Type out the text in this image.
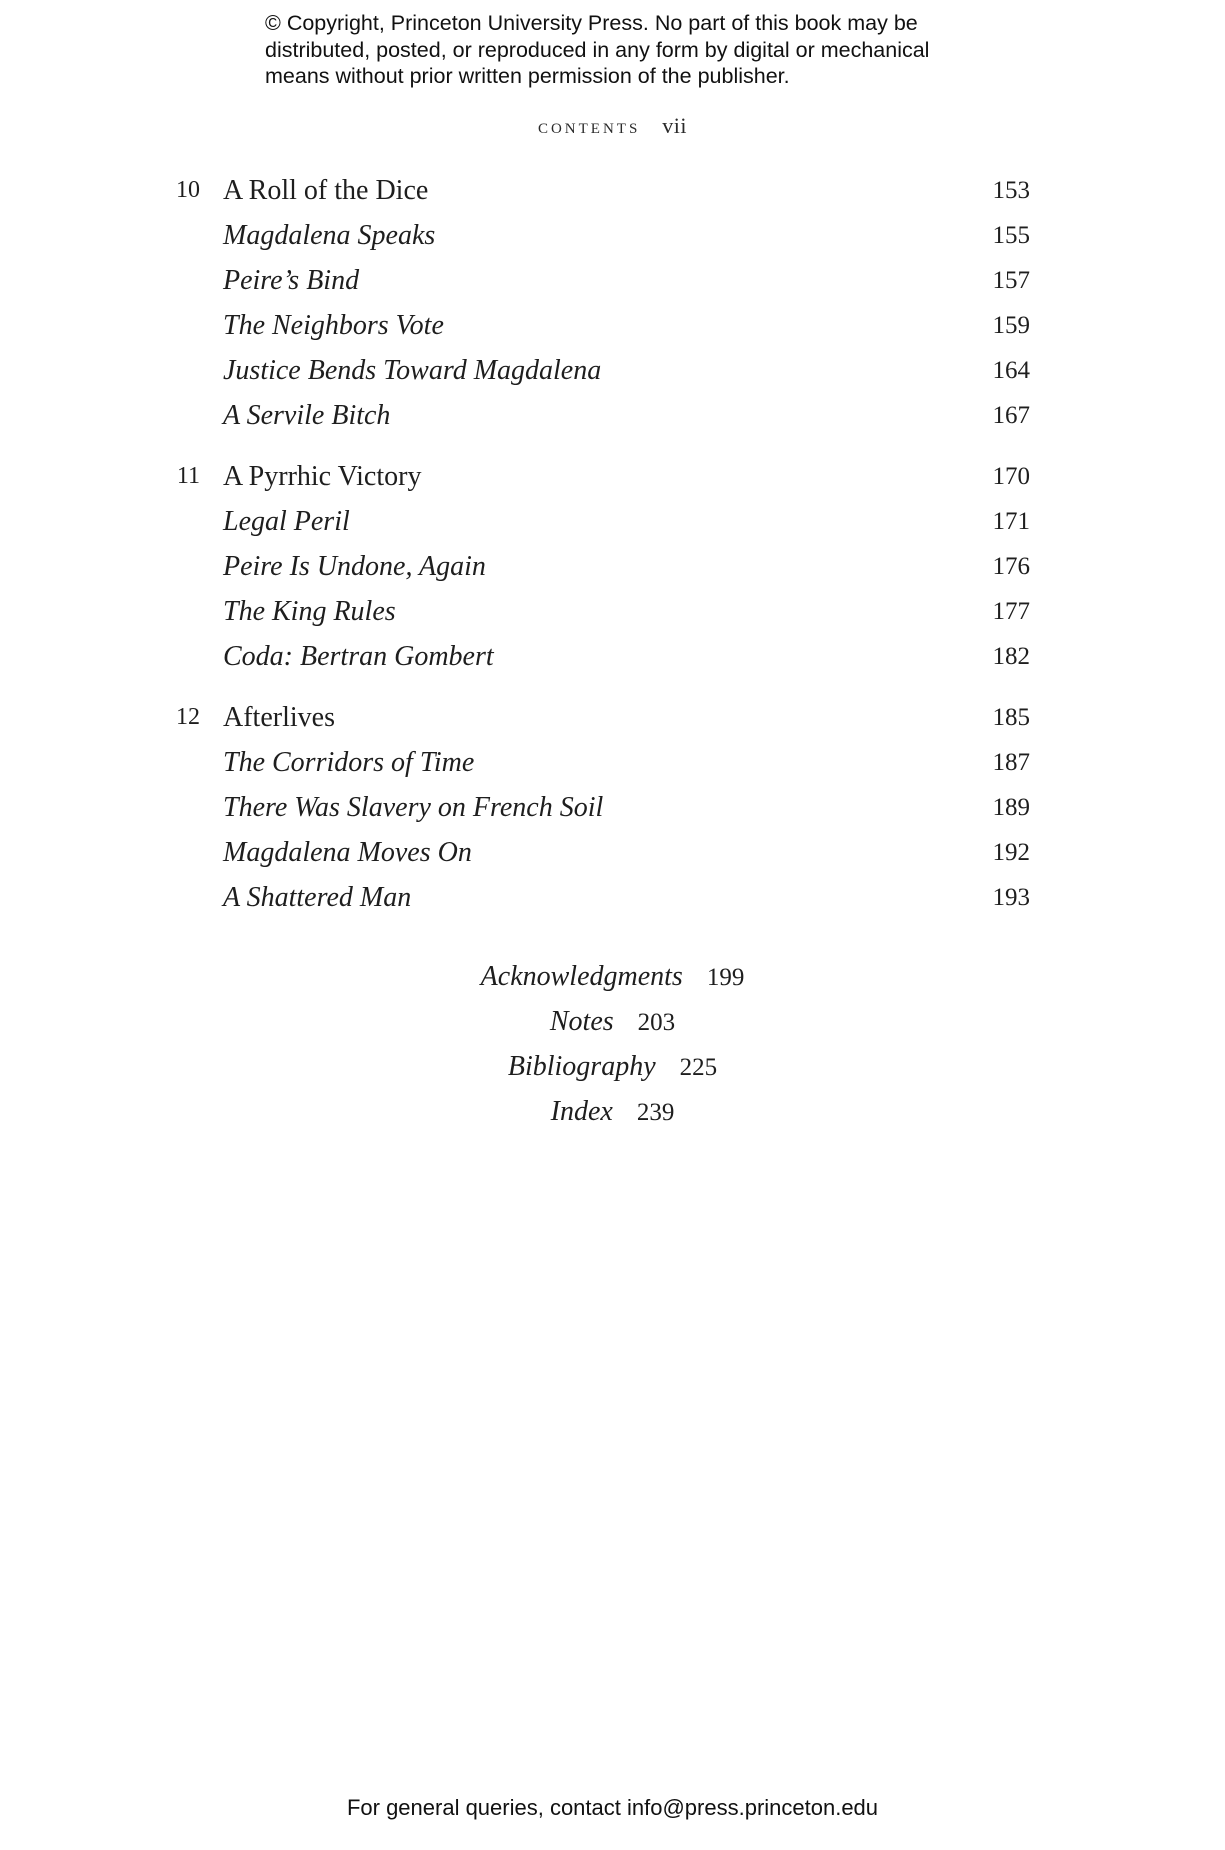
© Copyright, Princeton University Press. No part of this book may be
distributed, posted, or reproduced in any form by digital or mechanical
means without prior written permission of the publisher.
contents vii
10 A Roll of the Dice	153
Magdalena Speaks	155
Peire’s Bind	157
The Neighbors Vote	159
Justice Bends Toward Magdalena	164
A Servile Bitch	167
11 A Pyrrhic Victory	170
Legal Peril	171
Peire Is Undone, Again	176
The King Rules	177
Coda: Bertran Gombert	182
12 Afterlives	185
The Corridors of Time	187
There Was Slavery on French Soil	189
Magdalena Moves On	192
A Shattered Man	193
Acknowledgments 199
Notes 203
Bibliography 225
Index 239
For general queries, contact info@press.princeton.edu
